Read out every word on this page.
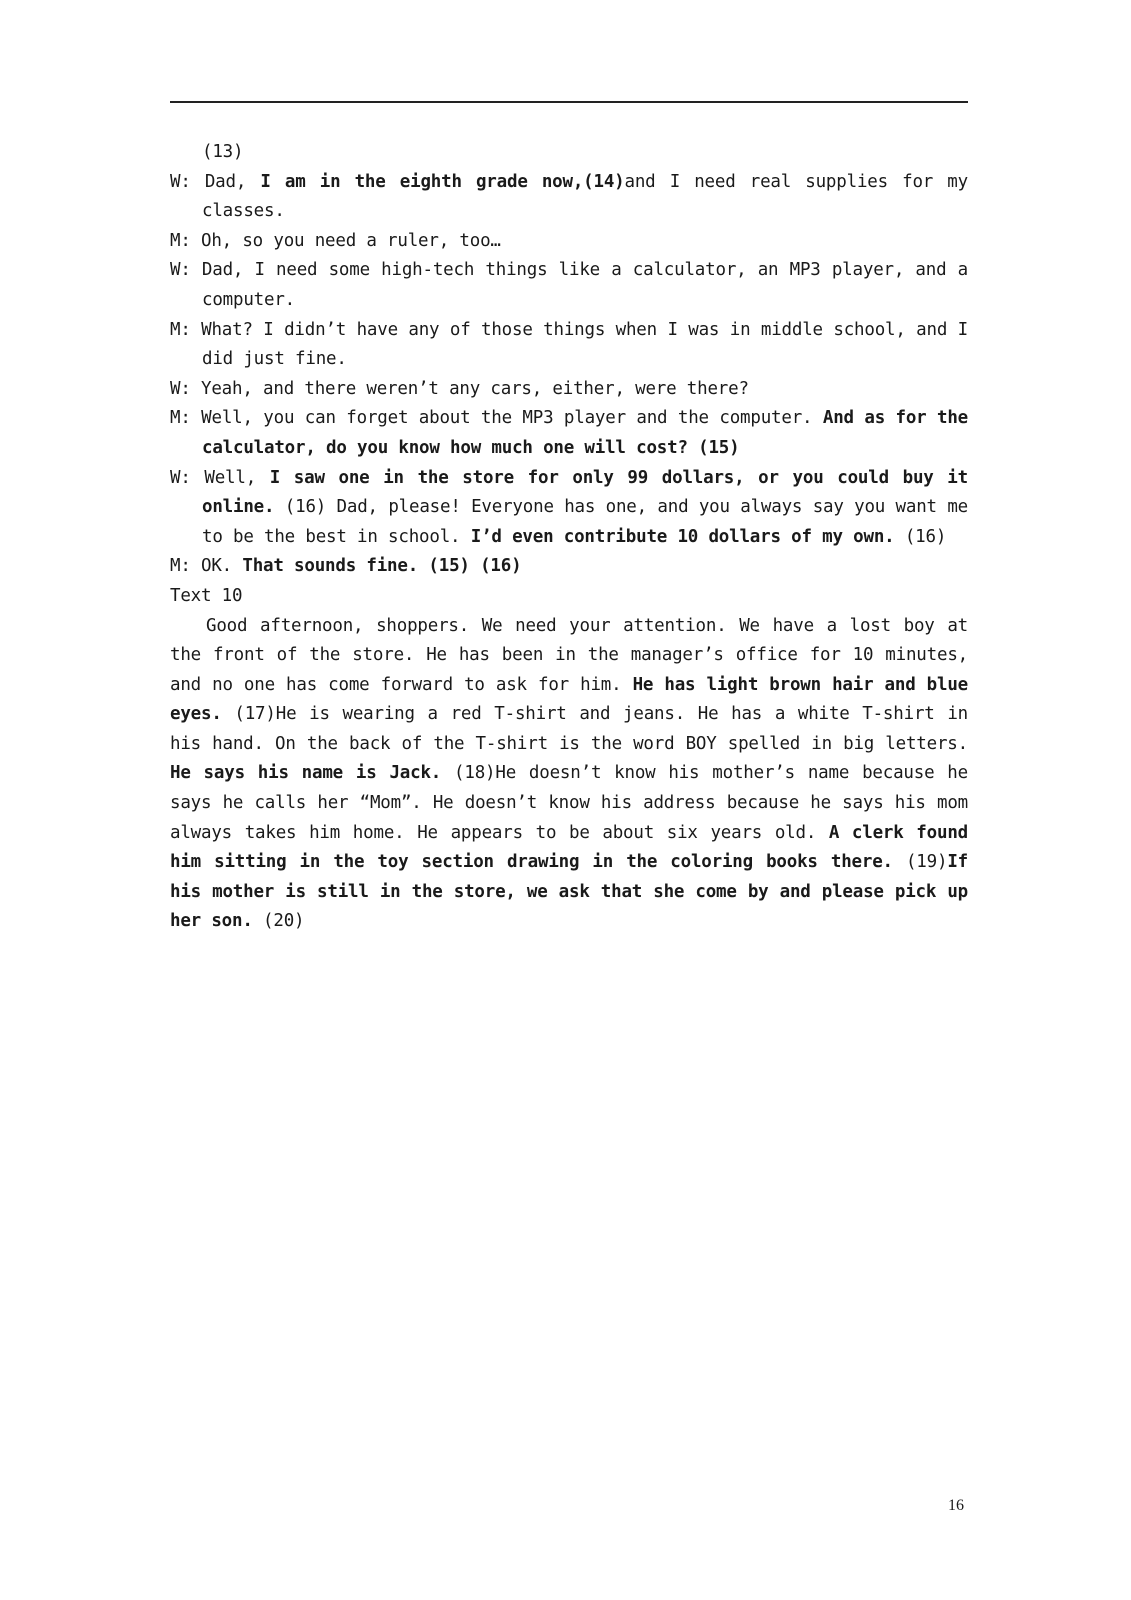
(13)

W: Dad, I am in the eighth grade now,(14)and I need real supplies for my classes.

M: Oh, so you need a ruler, too…

W: Dad, I need some high-tech things like a calculator, an MP3 player, and a computer.

M: What? I didn’t have any of those things when I was in middle school, and I did just fine.

W: Yeah, and there weren’t any cars, either, were there?

M: Well, you can forget about the MP3 player and the computer. And as for the calculator, do you know how much one will cost? (15)

W: Well, I saw one in the store for only 99 dollars, or you could buy it online. (16) Dad, please! Everyone has one, and you always say you want me to be the best in school. I’d even contribute 10 dollars of my own. (16)

M: OK. That sounds fine. (15) (16)

Text 10

Good afternoon, shoppers. We need your attention. We have a lost boy at the front of the store. He has been in the manager’s office for 10 minutes, and no one has come forward to ask for him. He has light brown hair and blue eyes. (17)He is wearing a red T-shirt and jeans. He has a white T-shirt in his hand. On the back of the T-shirt is the word BOY spelled in big letters. He says his name is Jack. (18)He doesn’t know his mother’s name because he says he calls her “Mom”. He doesn’t know his address because he says his mom always takes him home. He appears to be about six years old. A clerk found him sitting in the toy section drawing in the coloring books there. (19)If his mother is still in the store, we ask that she come by and please pick up her son. (20)

16
